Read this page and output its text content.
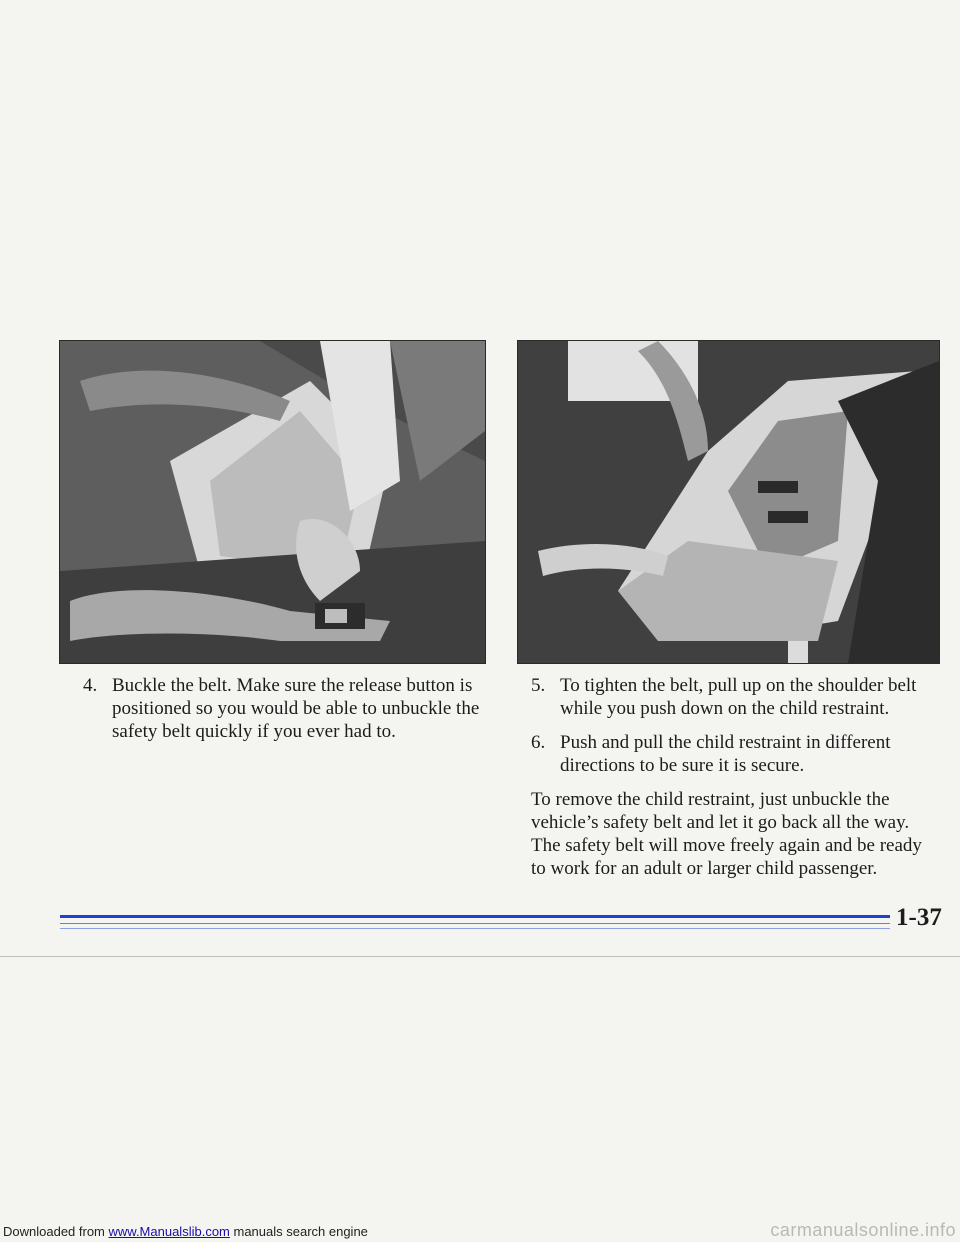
4. Buckle the belt. Make sure the release button is positioned so you would be able to unbuckle the safety belt quickly if you ever had to.
5. To tighten the belt, pull up on the shoulder belt while you push down on the child restraint.
6. Push and pull the child restraint in different directions to be sure it is secure.

To remove the child restraint, just unbuckle the vehicle’s safety belt and let it go back all the way. The safety belt will move freely again and be ready to work for an adult or larger child passenger.

1-37
Downloaded from www.Manualslib.com manuals search engine	carmanualsonline.info
